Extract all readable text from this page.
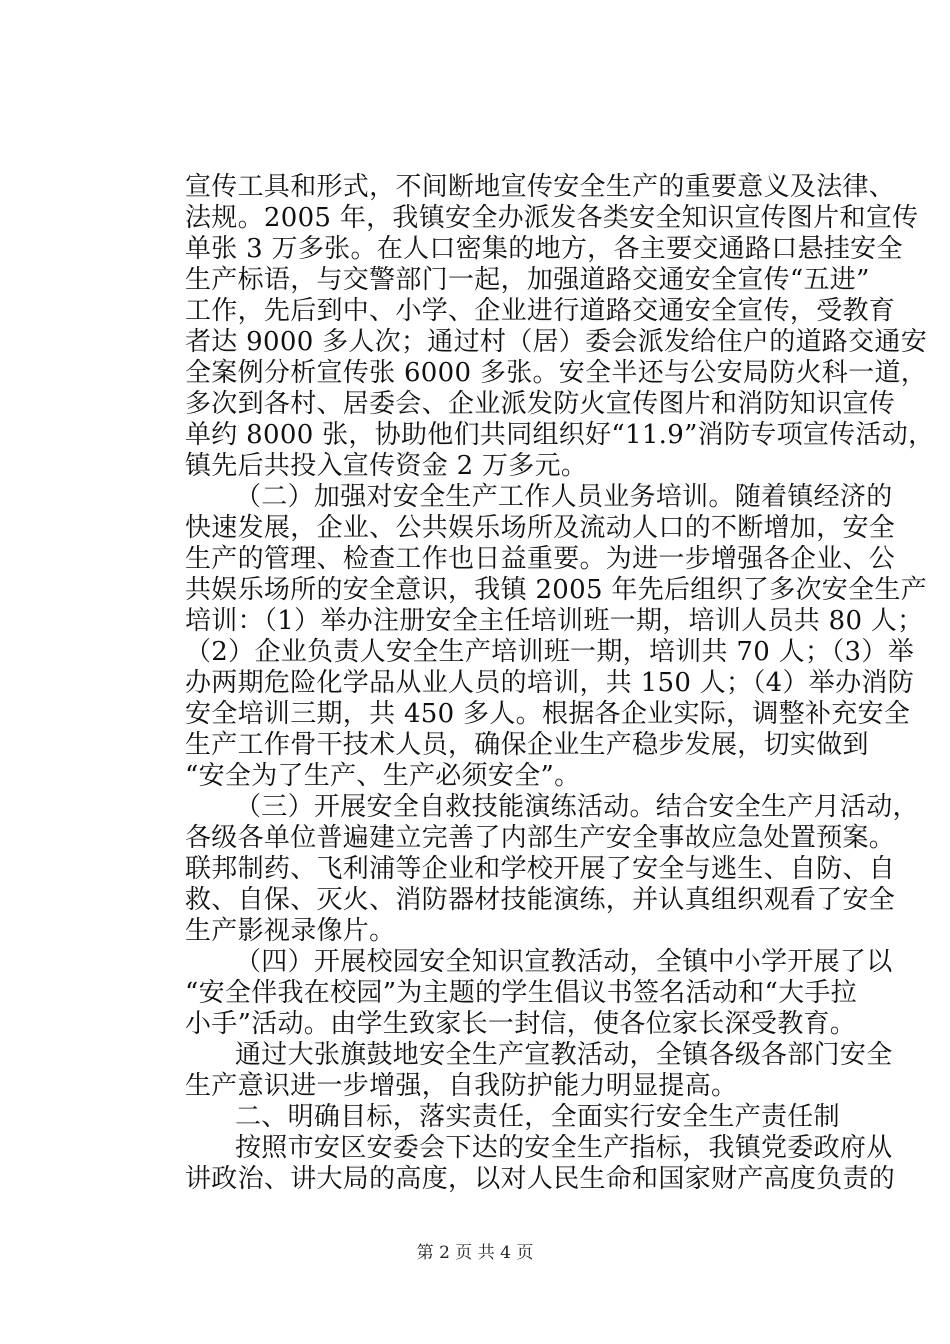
宣传工具和形式，不间断地宣传安全生产的重要意义及法律、
法规。2005 年，我镇安全办派发各类安全知识宣传图片和宣传
单张 3 万多张。在人口密集的地方，各主要交通路口悬挂安全
生产标语，与交警部门一起，加强道路交通安全宣传“五进”
工作，先后到中、小学、企业进行道路交通安全宣传，受教育
者达 9000 多人次；通过村（居）委会派发给住户的道路交通安
全案例分析宣传张 6000 多张。安全半还与公安局防火科一道，
多次到各村、居委会、企业派发防火宣传图片和消防知识宣传
单约 8000 张，协助他们共同组织好“11.9”消防专项宣传活动，
镇先后共投入宣传资金 2 万多元。
（二）加强对安全生产工作人员业务培训。随着镇经济的
快速发展，企业、公共娱乐场所及流动人口的不断增加，安全
生产的管理、检查工作也日益重要。为进一步增强各企业、公
共娱乐场所的安全意识，我镇 2005 年先后组织了多次安全生产
培训：（1）举办注册安全主任培训班一期，培训人员共 80 人；
（2）企业负责人安全生产培训班一期，培训共 70 人；（3）举
办两期危险化学品从业人员的培训，共 150 人；（4）举办消防
安全培训三期，共 450 多人。根据各企业实际，调整补充安全
生产工作骨干技术人员，确保企业生产稳步发展，切实做到
“安全为了生产、生产必须安全”。
（三）开展安全自救技能演练活动。结合安全生产月活动，
各级各单位普遍建立完善了内部生产安全事故应急处置预案。
联邦制药、飞利浦等企业和学校开展了安全与逃生、自防、自
救、自保、灭火、消防器材技能演练，并认真组织观看了安全
生产影视录像片。
（四）开展校园安全知识宣教活动，全镇中小学开展了以
“安全伴我在校园”为主题的学生倡议书签名活动和“大手拉
小手”活动。由学生致家长一封信，使各位家长深受教育。
通过大张旗鼓地安全生产宣教活动，全镇各级各部门安全
生产意识进一步增强，自我防护能力明显提高。
二、明确目标，落实责任，全面实行安全生产责任制
按照市安区安委会下达的安全生产指标，我镇党委政府从
讲政治、讲大局的高度，以对人民生命和国家财产高度负责的
第 2 页 共 4 页
